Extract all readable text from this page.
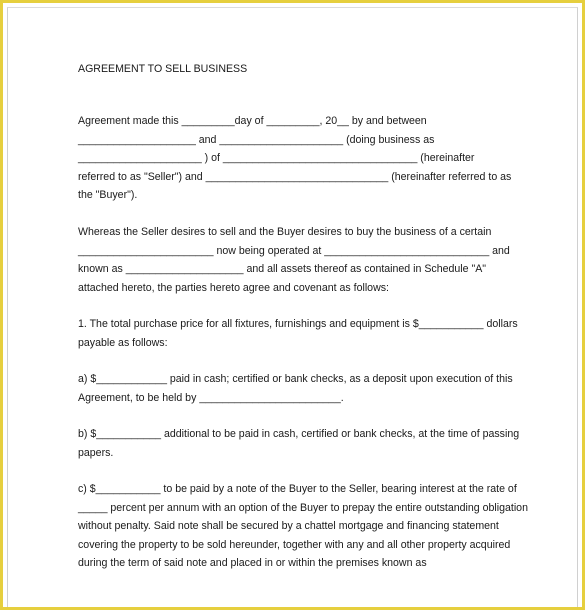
AGREEMENT TO SELL BUSINESS
Agreement made this _________day of _________, 20__ by and between
____________________ and _____________________ (doing business as
_____________________ ) of _________________________________ (hereinafter
referred to as "Seller") and _______________________________ (hereinafter referred to as
the "Buyer").
Whereas the Seller desires to sell and the Buyer desires to buy the business of a certain
_______________________ now being operated at ____________________________ and
known as ____________________ and all assets thereof as contained in Schedule "A"
attached hereto, the parties hereto agree and covenant as follows:
1. The total purchase price for all fixtures, furnishings and equipment is $___________ dollars
payable as follows:
a) $____________ paid in cash; certified or bank checks, as a deposit upon execution of this
Agreement, to be held by ________________________.
b) $___________ additional to be paid in cash, certified or bank checks, at the time of passing
papers.
c) $___________ to be paid by a note of the Buyer to the Seller, bearing interest at the rate of
_____ percent per annum with an option of the Buyer to prepay the entire outstanding obligation
without penalty. Said note shall be secured by a chattel mortgage and financing statement
covering the property to be sold hereunder, together with any and all other property acquired
during the term of said note and placed in or within the premises known as
